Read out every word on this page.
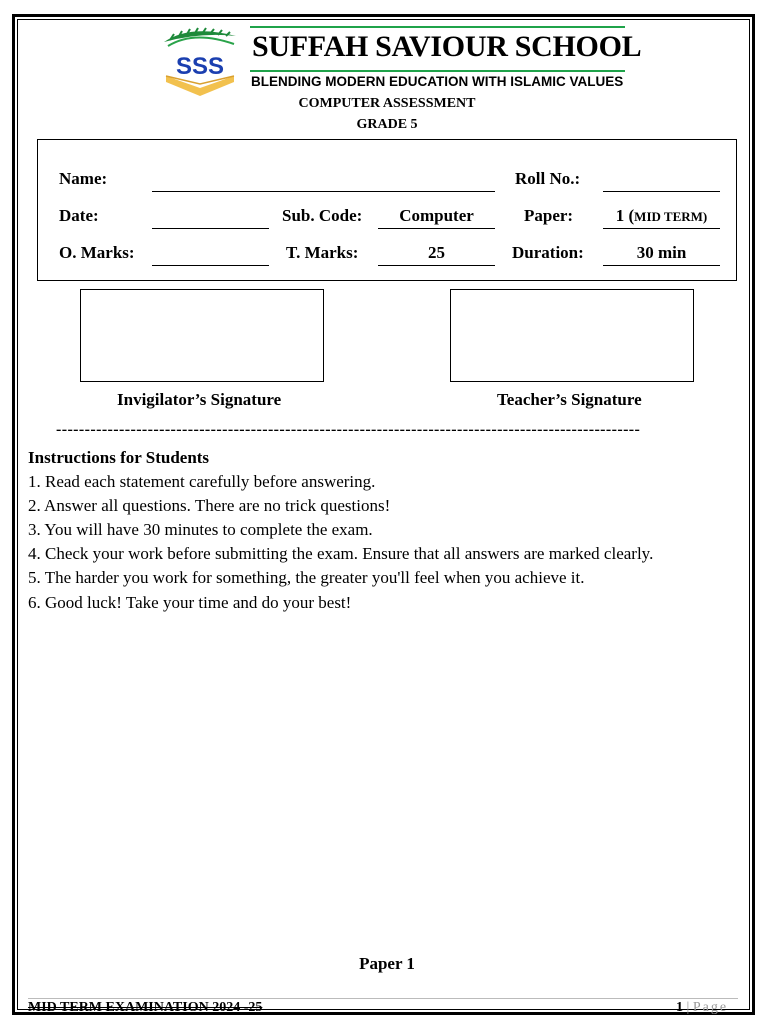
SSS
SUFFAH SAVIOUR SCHOOL
BLENDING MODERN EDUCATION WITH ISLAMIC VALUES
COMPUTER ASSESSMENT
GRADE 5
Name:	Roll No.:
Date:	Sub. Code:	Computer	Paper:	1 (MID TERM)
O. Marks:	T. Marks:	25	Duration:	30 min
Invigilator’s Signature	Teacher’s Signature
------------------------------------------------------------------------------------------------------
Instructions for Students
1. Read each statement carefully before answering.
2. Answer all questions. There are no trick questions!
3. You will have 30 minutes to complete the exam.
4. Check your work before submitting the exam. Ensure that all answers are marked clearly.
5. The harder you work for something, the greater you'll feel when you achieve it.
6. Good luck! Take your time and do your best!
Paper 1
MID TERM EXAMINATION 2024 -25	1 | Page
